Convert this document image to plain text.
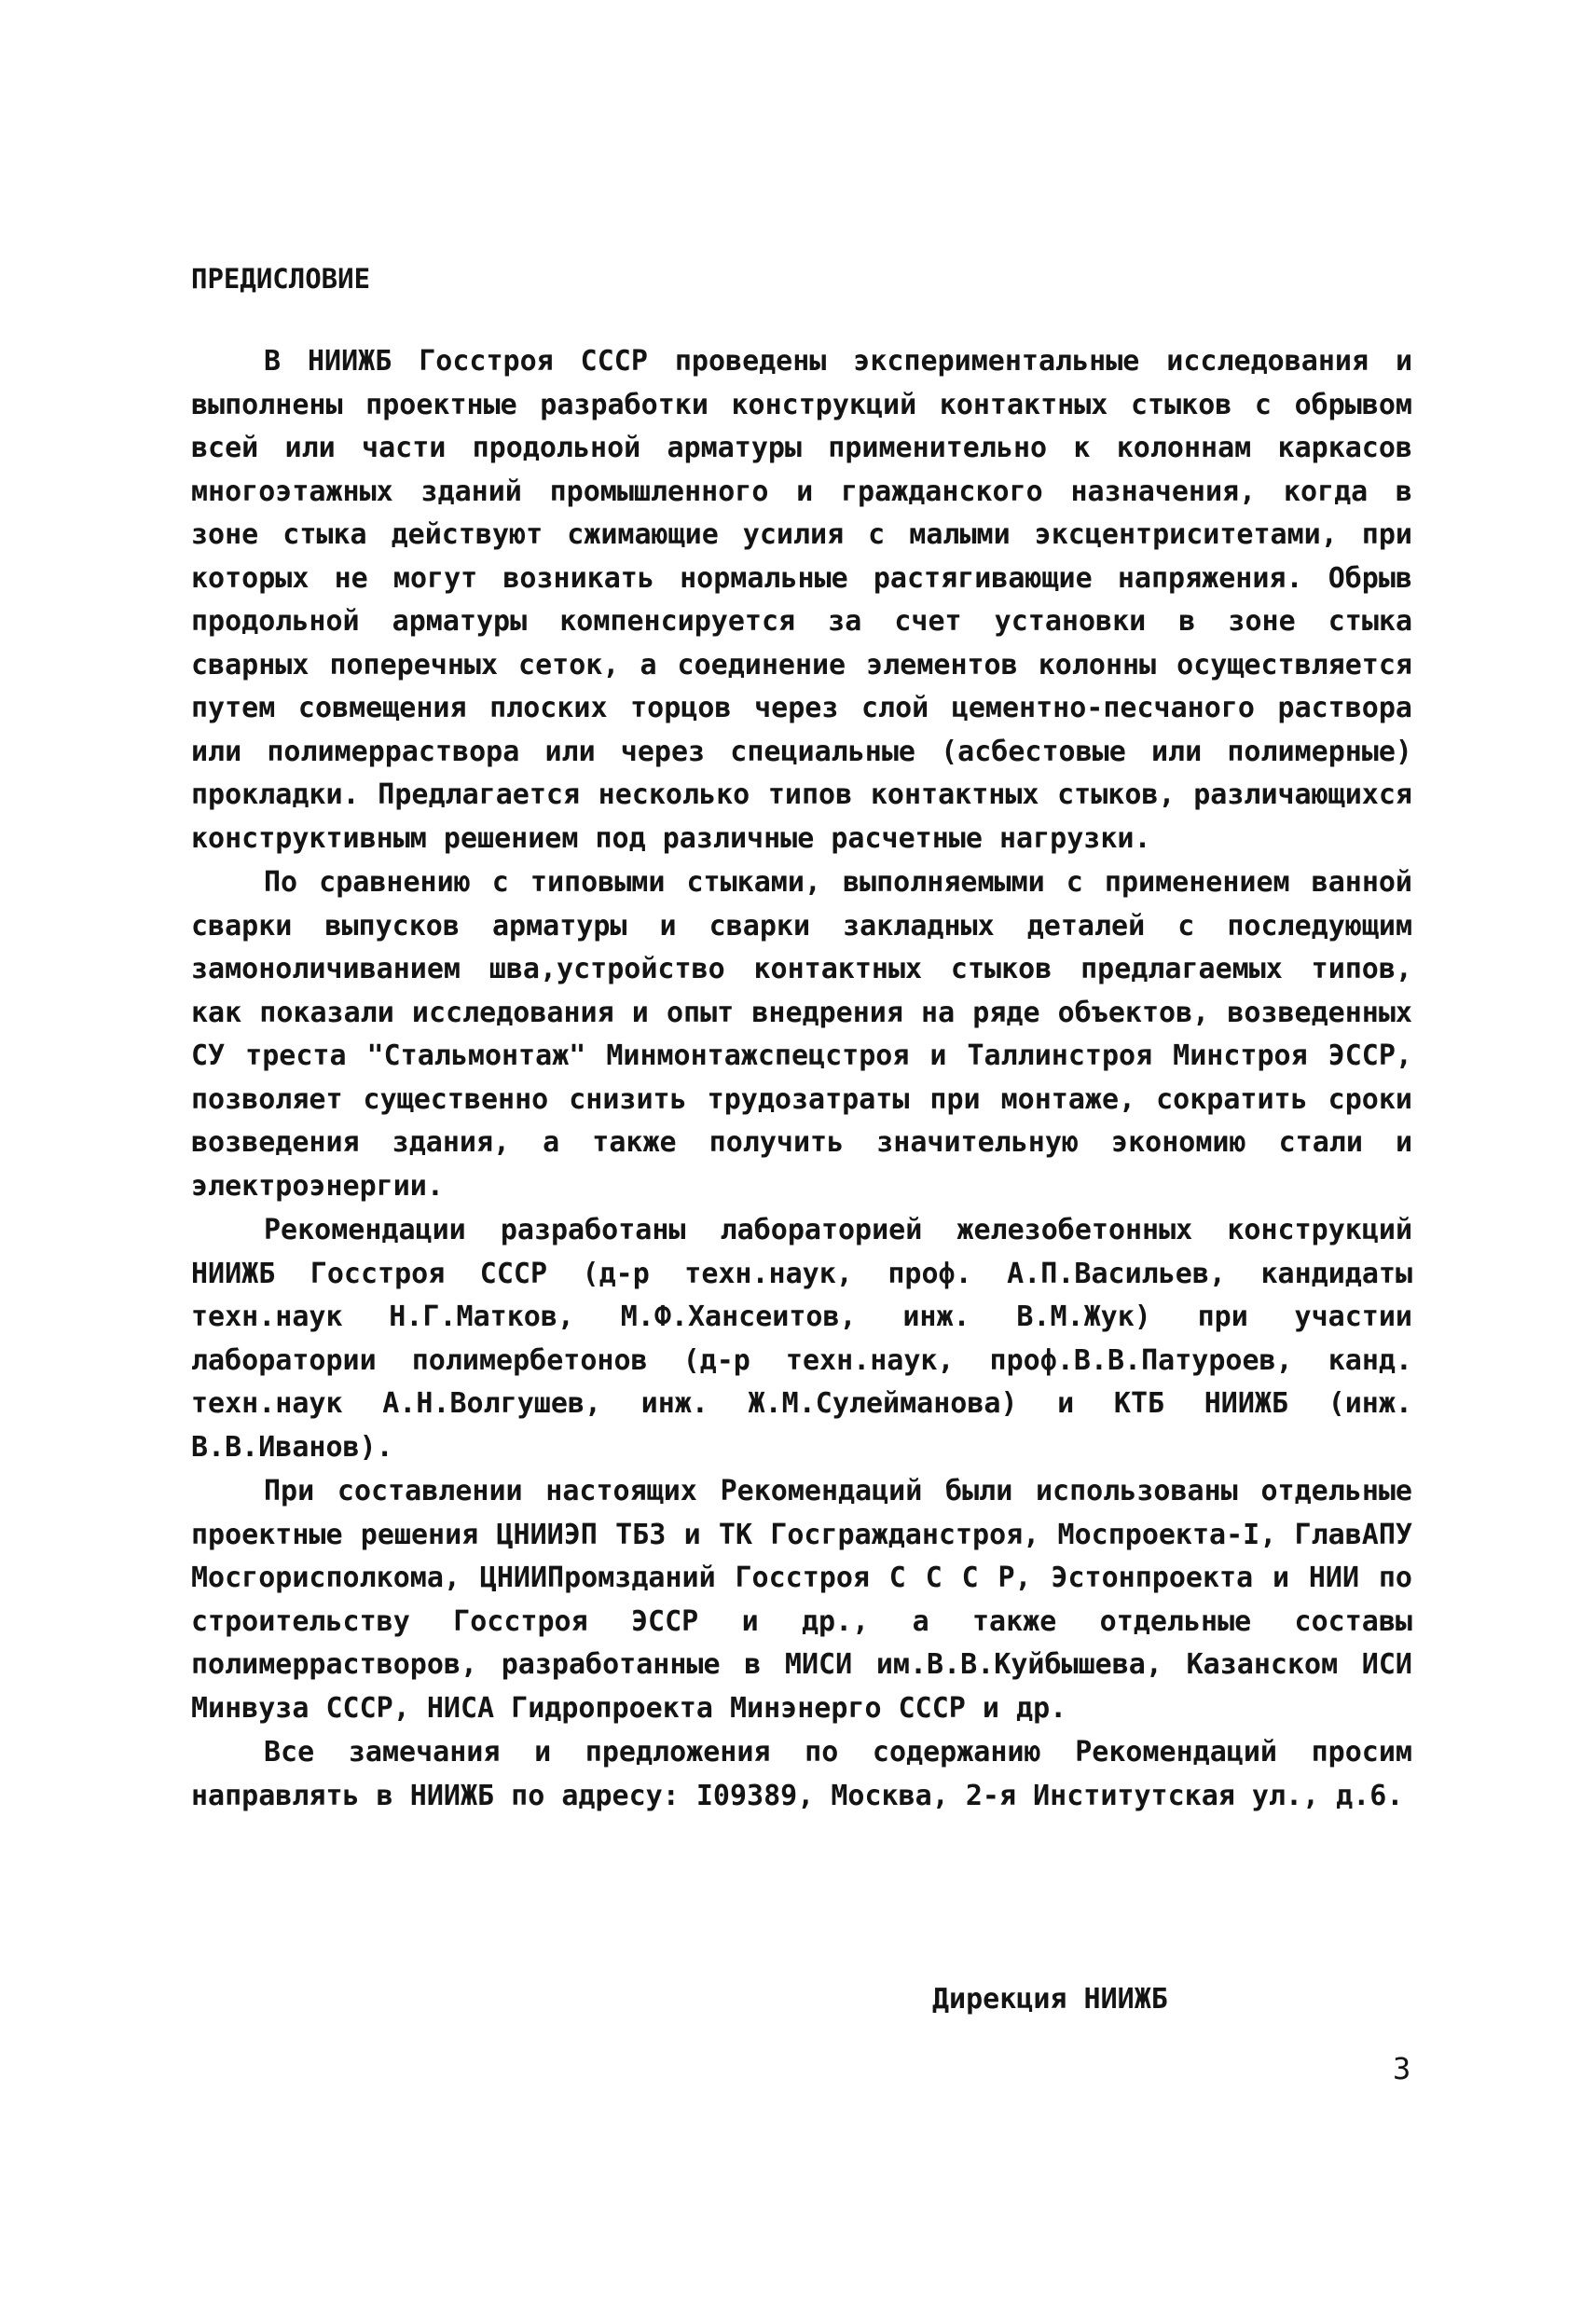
ПРЕДИСЛОВИЕ

В НИИЖБ Госстроя СССР проведены экспериментальные исследования и выполнены проектные разработки конструкций контактных стыков с обрывом всей или части продольной арматуры применительно к колоннам каркасов многоэтажных зданий промышленного и гражданского назначения, когда в зоне стыка действуют сжимающие усилия с малыми эксцентриситетами, при которых не могут возникать нормальные растягивающие напряжения. Обрыв продольной арматуры компенсируется за счет установки в зоне стыка сварных поперечных сеток, а соединение элементов колонны осуществляется путем совмещения плоских торцов через слой цементно-песчаного раствора или полимерраствора или через специальные (асбестовые или полимерные) прокладки. Предлагается несколько типов контактных стыков, различающихся конструктивным решением под различные расчетные нагрузки.

По сравнению с типовыми стыками, выполняемыми с применением ванной сварки выпусков арматуры и сварки закладных деталей с последующим замоноличиванием шва,устройство контактных стыков предлагаемых типов, как показали исследования и опыт внедрения на ряде объектов, возведенных СУ треста "Стальмонтаж" Минмонтажспецстроя и Таллинстроя Минстроя ЭССР, позволяет существенно снизить трудозатраты при монтаже, сократить сроки возведения здания, а также получить значительную экономию стали и электроэнергии.

Рекомендации разработаны лабораторией железобетонных конструкций НИИЖБ Госстроя СССР (д-р техн.наук, проф. А.П.Васильев, кандидаты техн.наук Н.Г.Матков, М.Ф.Хансеитов, инж. В.М.Жук) при участии лаборатории полимербетонов (д-р техн.наук, проф.В.В.Патуроев, канд. техн.наук А.Н.Волгушев, инж. Ж.М.Сулейманова) и КТБ НИИЖБ (инж. В.В.Иванов).

При составлении настоящих Рекомендаций были использованы отдельные проектные решения ЦНИИЭП ТБЗ и ТК Госгражданстроя, Моспроекта-I, ГлавАПУ Мосгорисполкома, ЦНИИПромзданий Госстроя С С С Р, Эстонпроекта и НИИ по строительству Госстроя ЭССР и др., а также отдельные составы полимеррастворов, разработанные в МИСИ им.В.В.Куйбышева, Казанском ИСИ Минвуза СССР, НИСА Гидропроекта Минэнерго СССР и др.

Все замечания и предложения по содержанию Рекомендаций просим направлять в НИИЖБ по адресу: I09389, Москва, 2-я Институтская ул., д.6.

Дирекция НИИЖБ

3
